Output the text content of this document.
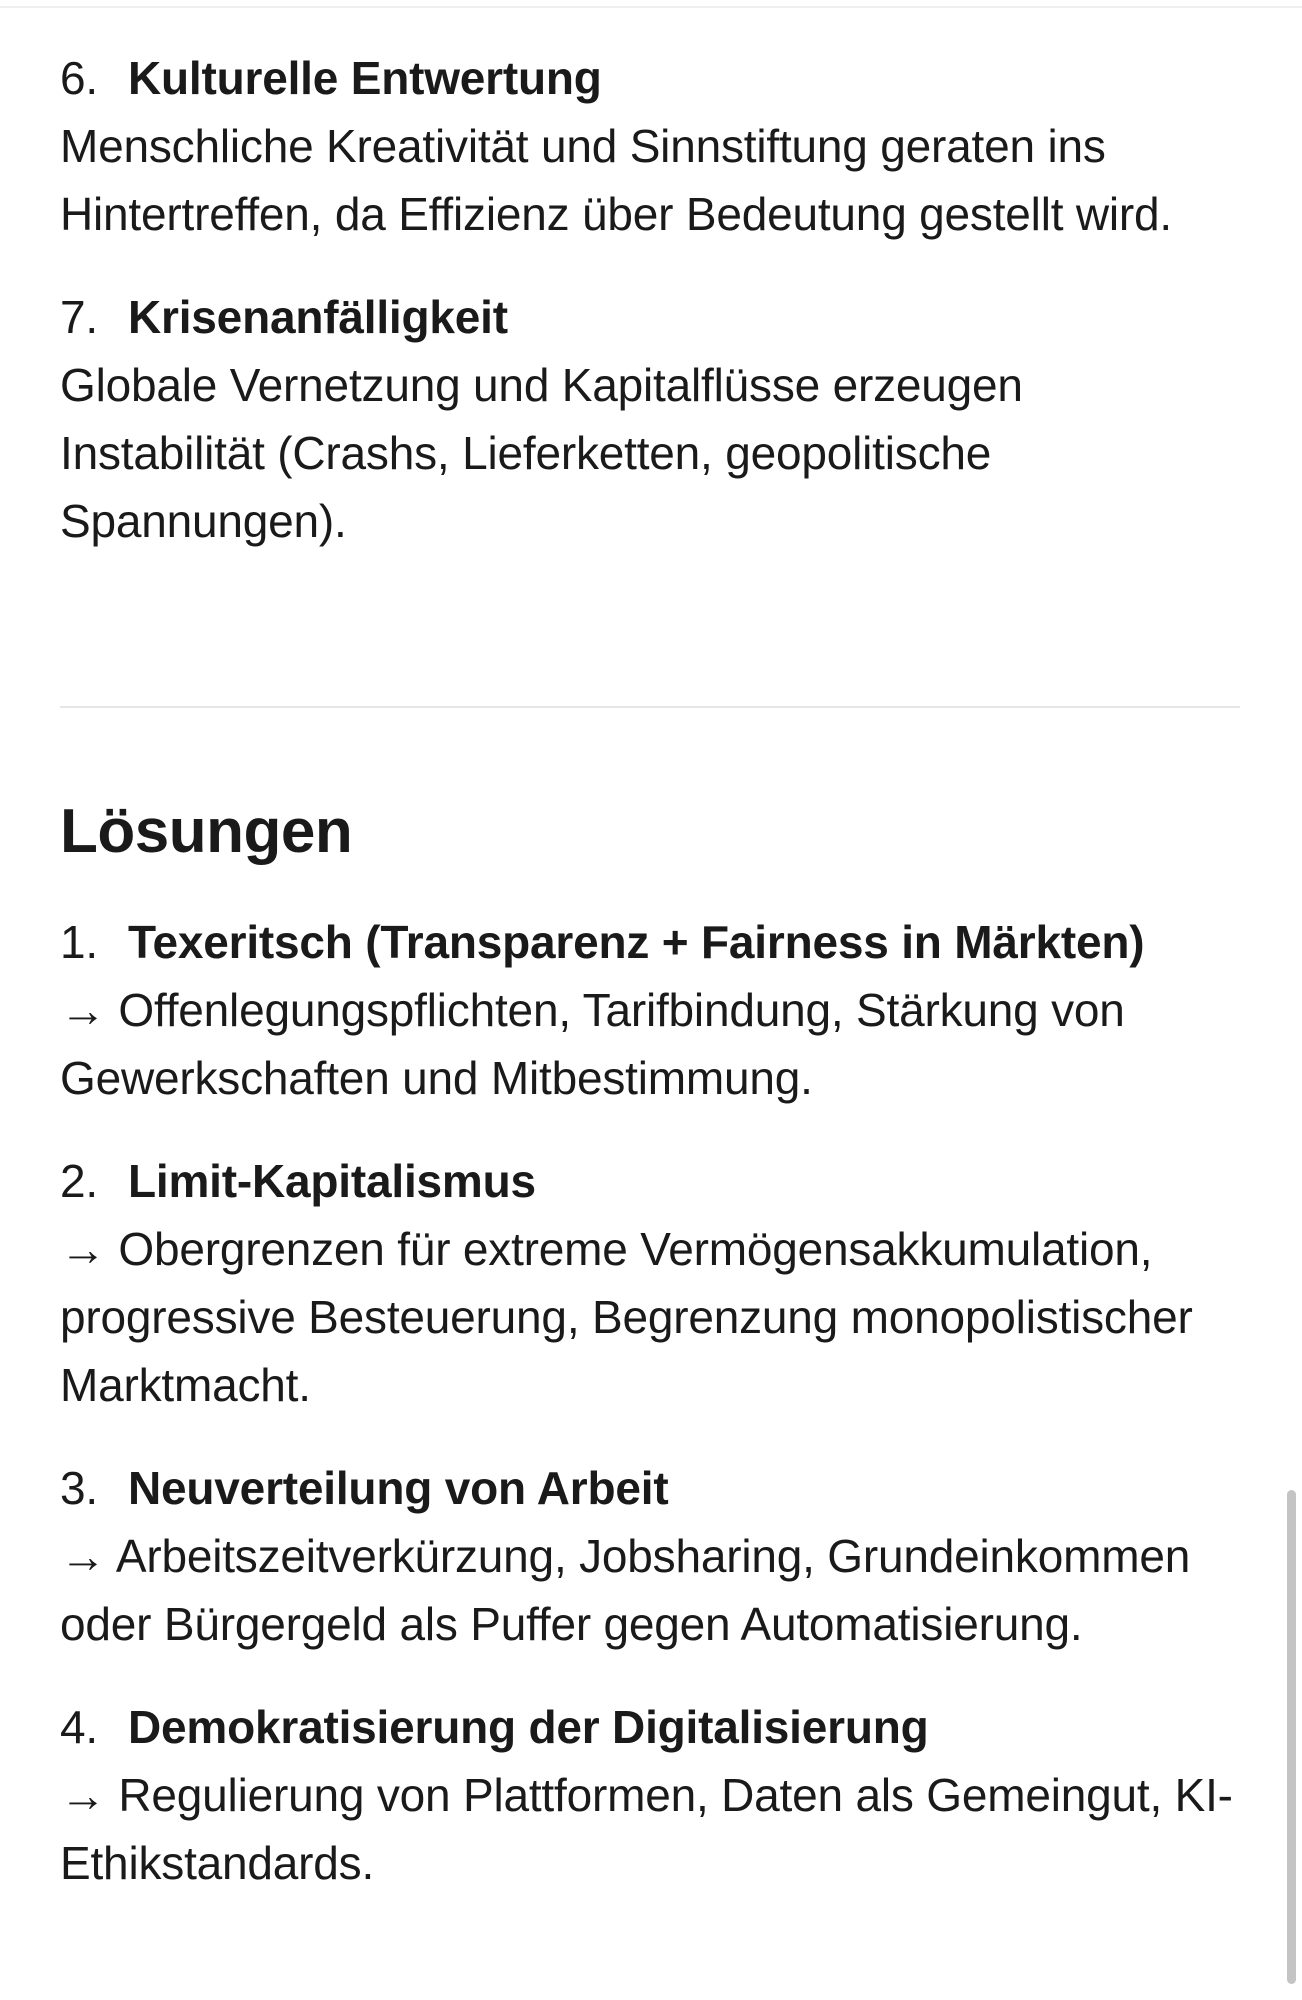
6. Kulturelle Entwertung
Menschliche Kreativität und Sinnstiftung geraten ins Hintertreffen, da Effizienz über Bedeutung gestellt wird.
7. Krisenanfälligkeit
Globale Vernetzung und Kapitalflüsse erzeugen Instabilität (Crashs, Lieferketten, geopolitische Spannungen).
Lösungen
1. Texeritsch (Transparenz + Fairness in Märkten)
→ Offenlegungspflichten, Tarifbindung, Stärkung von Gewerkschaften und Mitbestimmung.
2. Limit-Kapitalismus
→ Obergrenzen für extreme Vermögensakkumulation, progressive Besteuerung, Begrenzung monopolistischer Marktmacht.
3. Neuverteilung von Arbeit
→ Arbeitszeitverkürzung, Jobsharing, Grundeinkommen oder Bürgergeld als Puffer gegen Automatisierung.
4. Demokratisierung der Digitalisierung
→ Regulierung von Plattformen, Daten als Gemeingut, KI-Ethikstandards.
